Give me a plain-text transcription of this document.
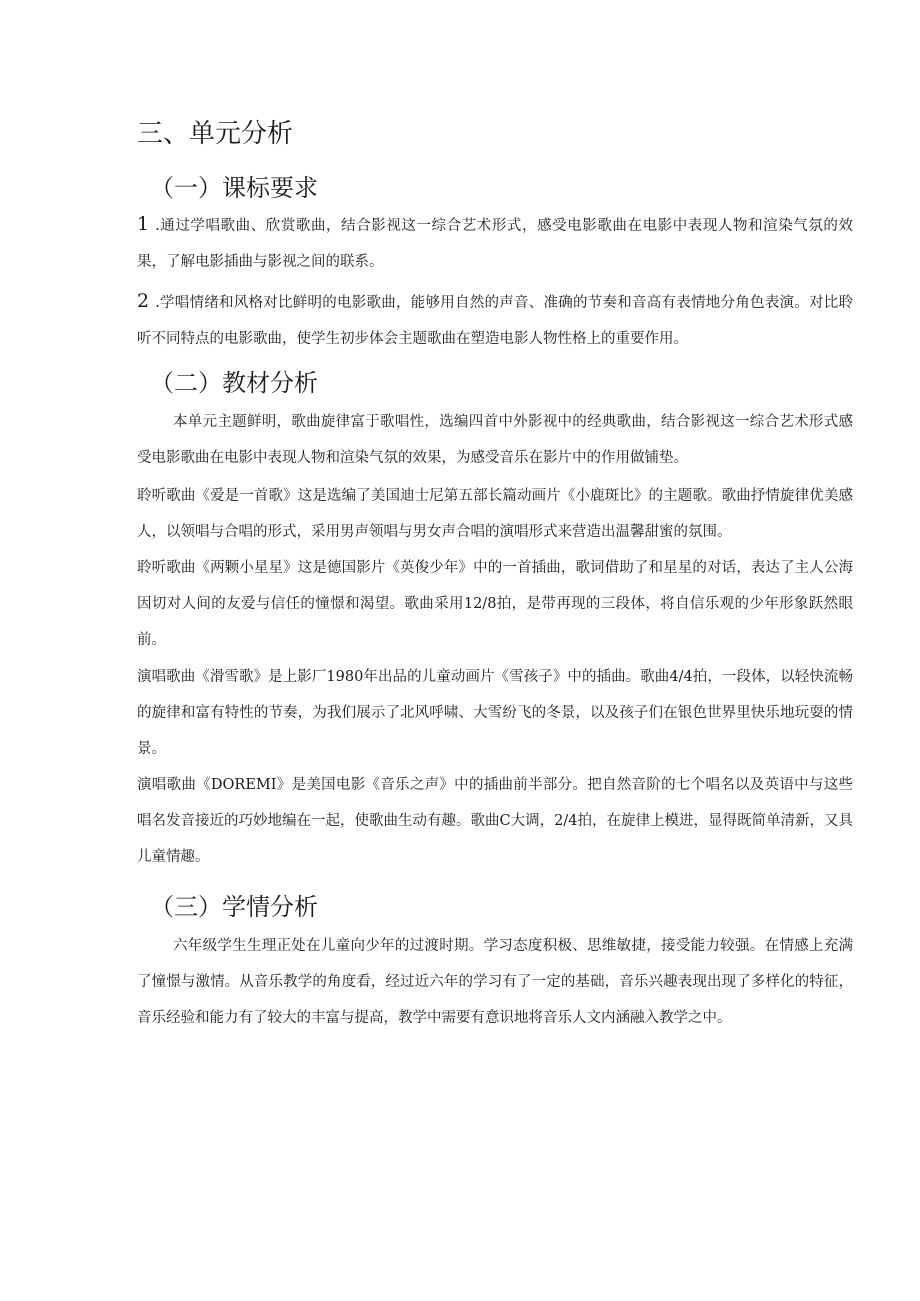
三、单元分析
（一）课标要求

1 .通过学唱歌曲、欣赏歌曲，结合影视这一综合艺术形式，感受电影歌曲在电影中表现人物和渲染气氛的效果，了解电影插曲与影视之间的联系。

2 .学唱情绪和风格对比鲜明的电影歌曲，能够用自然的声音、准确的节奏和音高有表情地分角色表演。对比聆听不同特点的电影歌曲，使学生初步体会主题歌曲在塑造电影人物性格上的重要作用。

（二）教材分析

本单元主题鲜明，歌曲旋律富于歌唱性，选编四首中外影视中的经典歌曲，结合影视这一综合艺术形式感受电影歌曲在电影中表现人物和渲染气氛的效果，为感受音乐在影片中的作用做铺垫。

聆听歌曲《爱是一首歌》这是选编了美国迪士尼第五部长篇动画片《小鹿斑比》的主题歌。歌曲抒情旋律优美感人，以领唱与合唱的形式，采用男声领唱与男女声合唱的演唱形式来营造出温馨甜蜜的氛围。

聆听歌曲《两颗小星星》这是德国影片《英俊少年》中的一首插曲，歌词借助了和星星的对话，表达了主人公海因切对人间的友爱与信任的憧憬和渴望。歌曲采用12/8拍，是带再现的三段体，将自信乐观的少年形象跃然眼前。

演唱歌曲《滑雪歌》是上影厂1980年出品的儿童动画片《雪孩子》中的插曲。歌曲4/4拍，一段体，以轻快流畅的旋律和富有特性的节奏，为我们展示了北风呼啸、大雪纷飞的冬景，以及孩子们在银色世界里快乐地玩耍的情景。

演唱歌曲《DOREMI》是美国电影《音乐之声》中的插曲前半部分。把自然音阶的七个唱名以及英语中与这些唱名发音接近的巧妙地编在一起，使歌曲生动有趣。歌曲C大调，2/4拍，在旋律上模进，显得既简单清新，又具儿童情趣。

（三）学情分析

六年级学生生理正处在儿童向少年的过渡时期。学习态度积极、思维敏捷，接受能力较强。在情感上充满了憧憬与激情。从音乐教学的角度看，经过近六年的学习有了一定的基础，音乐兴趣表现出现了多样化的特征，音乐经验和能力有了较大的丰富与提高，教学中需要有意识地将音乐人文内涵融入教学之中。
